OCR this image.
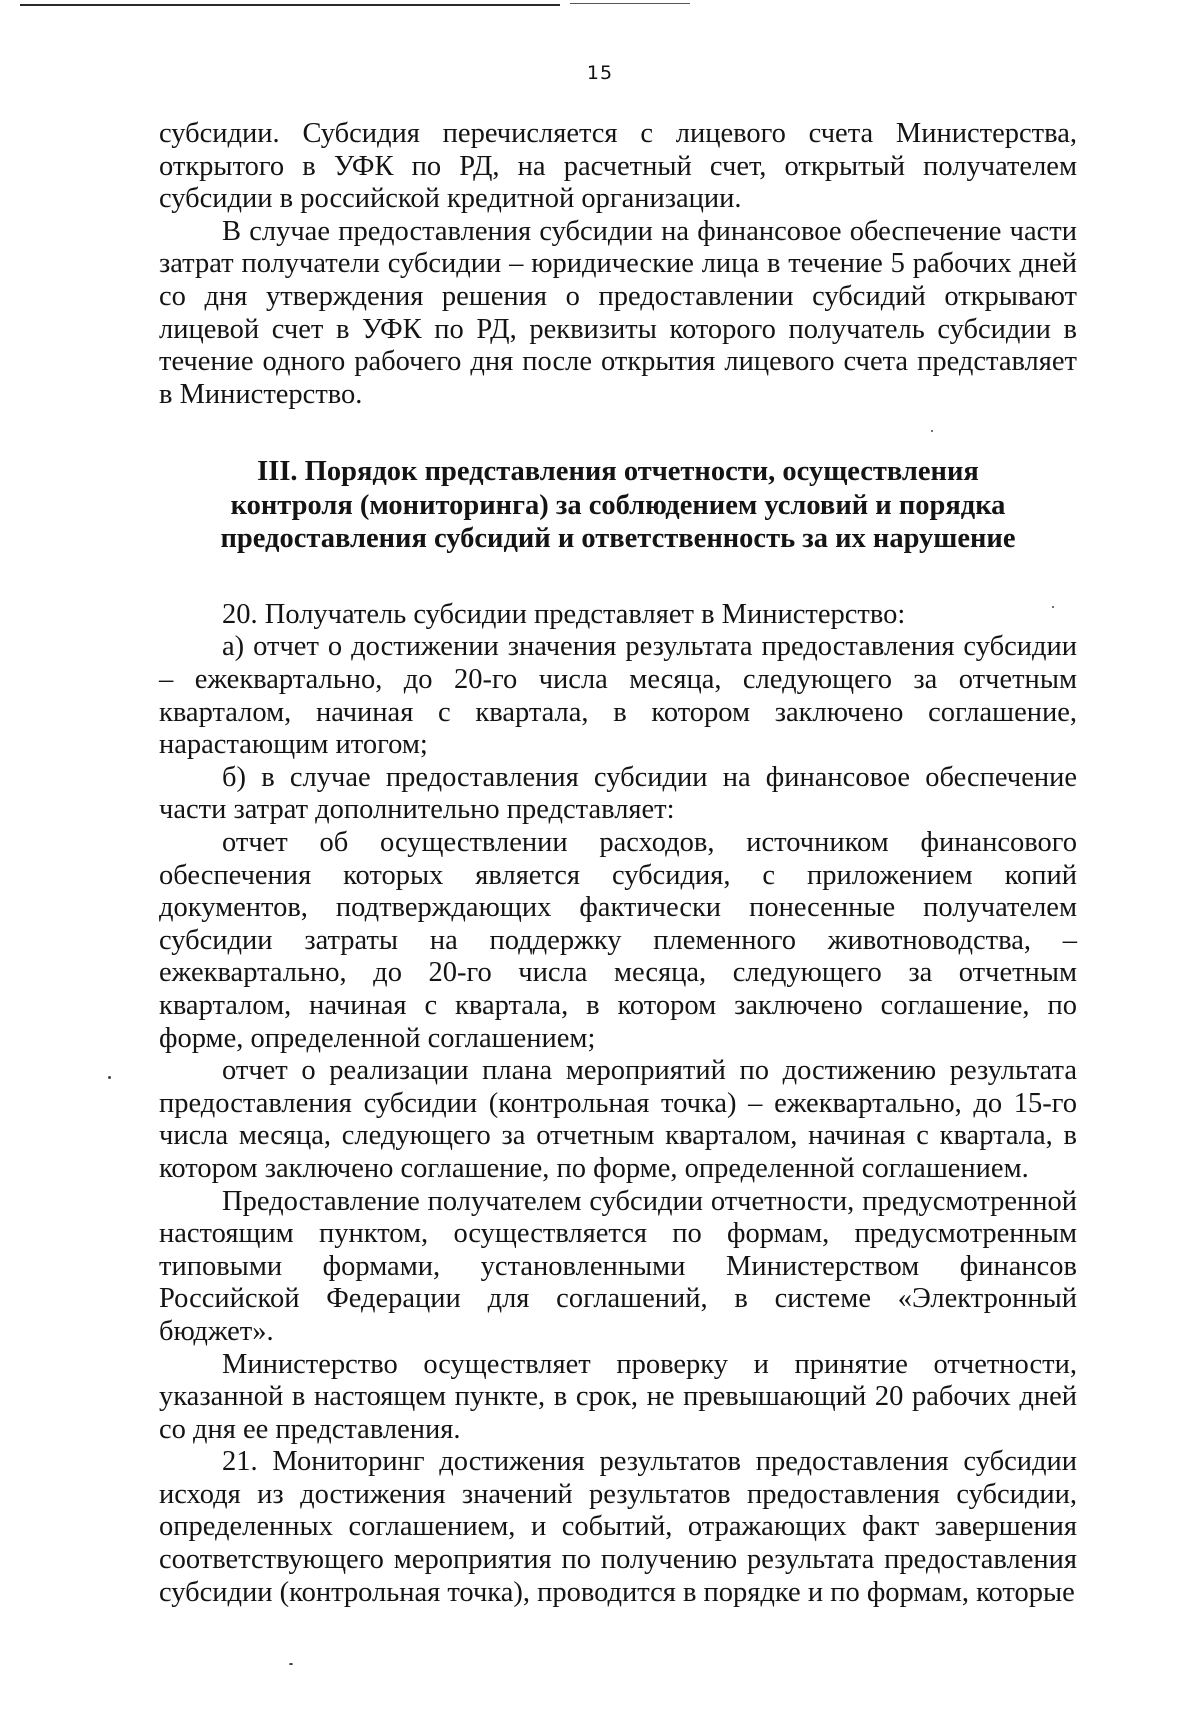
15

субсидии. Субсидия перечисляется с лицевого счета Министерства, открытого в УФК по РД, на расчетный счет, открытый получателем субсидии в российской кредитной организации.

В случае предоставления субсидии на финансовое обеспечение части затрат получатели субсидии – юридические лица в течение 5 рабочих дней со дня утверждения решения о предоставлении субсидий открывают лицевой счет в УФК по РД, реквизиты которого получатель субсидии в течение одного рабочего дня после открытия лицевого счета представляет в Министерство.

III. Порядок представления отчетности, осуществления
контроля (мониторинга) за соблюдением условий и порядка
предоставления субсидий и ответственность за их нарушение

20. Получатель субсидии представляет в Министерство:

а) отчет о достижении значения результата предоставления субсидии – ежеквартально, до 20-го числа месяца, следующего за отчетным кварталом, начиная с квартала, в котором заключено соглашение, нарастающим итогом;

б) в случае предоставления субсидии на финансовое обеспечение части затрат дополнительно представляет:

отчет об осуществлении расходов, источником финансового обеспечения которых является субсидия, с приложением копий документов, подтверждающих фактически понесенные получателем субсидии затраты на поддержку племенного животноводства, – ежеквартально, до 20-го числа месяца, следующего за отчетным кварталом, начиная с квартала, в котором заключено соглашение, по форме, определенной соглашением;

отчет о реализации плана мероприятий по достижению результата предоставления субсидии (контрольная точка) – ежеквартально, до 15-го числа месяца, следующего за отчетным кварталом, начиная с квартала, в котором заключено соглашение, по форме, определенной соглашением.

Предоставление получателем субсидии отчетности, предусмотренной настоящим пунктом, осуществляется по формам, предусмотренным типовыми формами, установленными Министерством финансов Российской Федерации для соглашений, в системе «Электронный бюджет».

Министерство осуществляет проверку и принятие отчетности, указанной в настоящем пункте, в срок, не превышающий 20 рабочих дней со дня ее представления.

21. Мониторинг достижения результатов предоставления субсидии исходя из достижения значений результатов предоставления субсидии, определенных соглашением, и событий, отражающих факт завершения соответствующего мероприятия по получению результата предоставления субсидии (контрольная точка), проводится в порядке и по формам, которые
